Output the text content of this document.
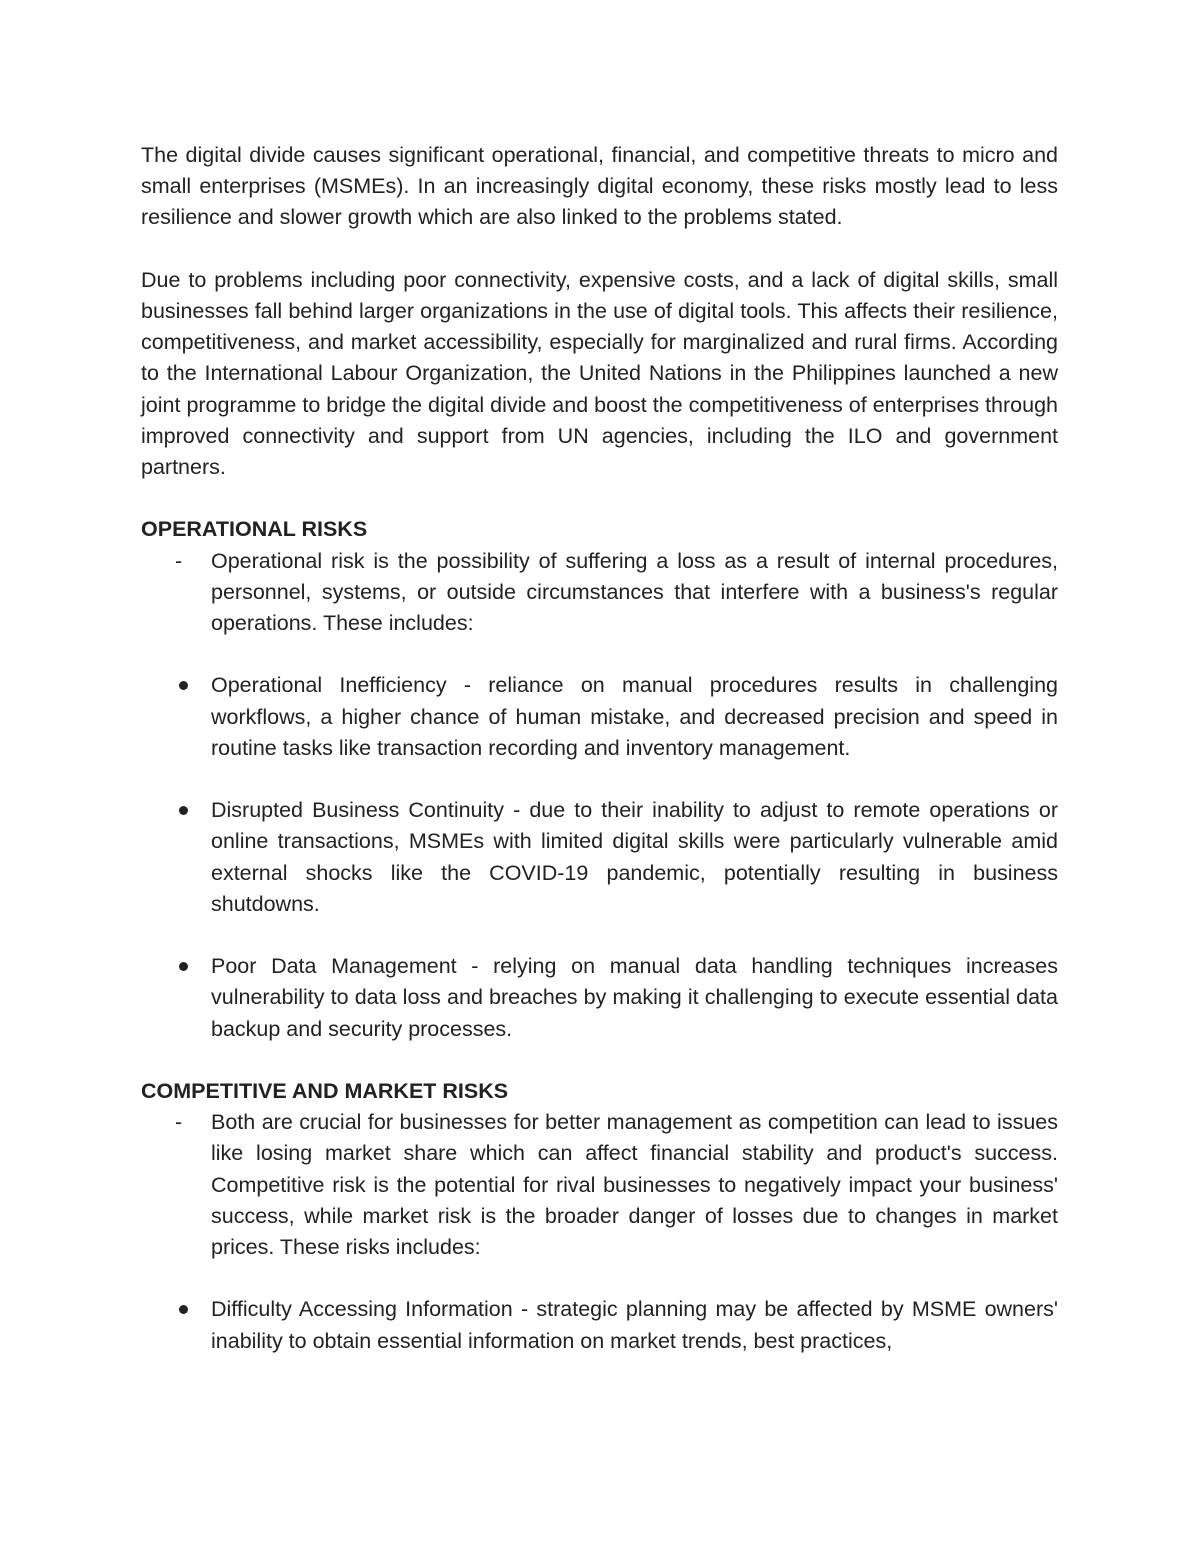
The digital divide causes significant operational, financial, and competitive threats to micro and small enterprises (MSMEs). In an increasingly digital economy, these risks mostly lead to less resilience and slower growth which are also linked to the problems stated.

Due to problems including poor connectivity, expensive costs, and a lack of digital skills, small businesses fall behind larger organizations in the use of digital tools. This affects their resilience, competitiveness, and market accessibility, especially for marginalized and rural firms. According to the International Labour Organization, the United Nations in the Philippines launched a new joint programme to bridge the digital divide and boost the competitiveness of enterprises through improved connectivity and support from UN agencies, including the ILO and government partners.

OPERATIONAL RISKS

- Operational risk is the possibility of suffering a loss as a result of internal procedures, personnel, systems, or outside circumstances that interfere with a business's regular operations. These includes:
Operational Inefficiency - reliance on manual procedures results in challenging workflows, a higher chance of human mistake, and decreased precision and speed in routine tasks like transaction recording and inventory management.
Disrupted Business Continuity - due to their inability to adjust to remote operations or online transactions, MSMEs with limited digital skills were particularly vulnerable amid external shocks like the COVID-19 pandemic, potentially resulting in business shutdowns.
Poor Data Management - relying on manual data handling techniques increases vulnerability to data loss and breaches by making it challenging to execute essential data backup and security processes.

COMPETITIVE AND MARKET RISKS

- Both are crucial for businesses for better management as competition can lead to issues like losing market share which can affect financial stability and product's success. Competitive risk is the potential for rival businesses to negatively impact your business' success, while market risk is the broader danger of losses due to changes in market prices. These risks includes:
Difficulty Accessing Information - strategic planning may be affected by MSME owners' inability to obtain essential information on market trends, best practices,
